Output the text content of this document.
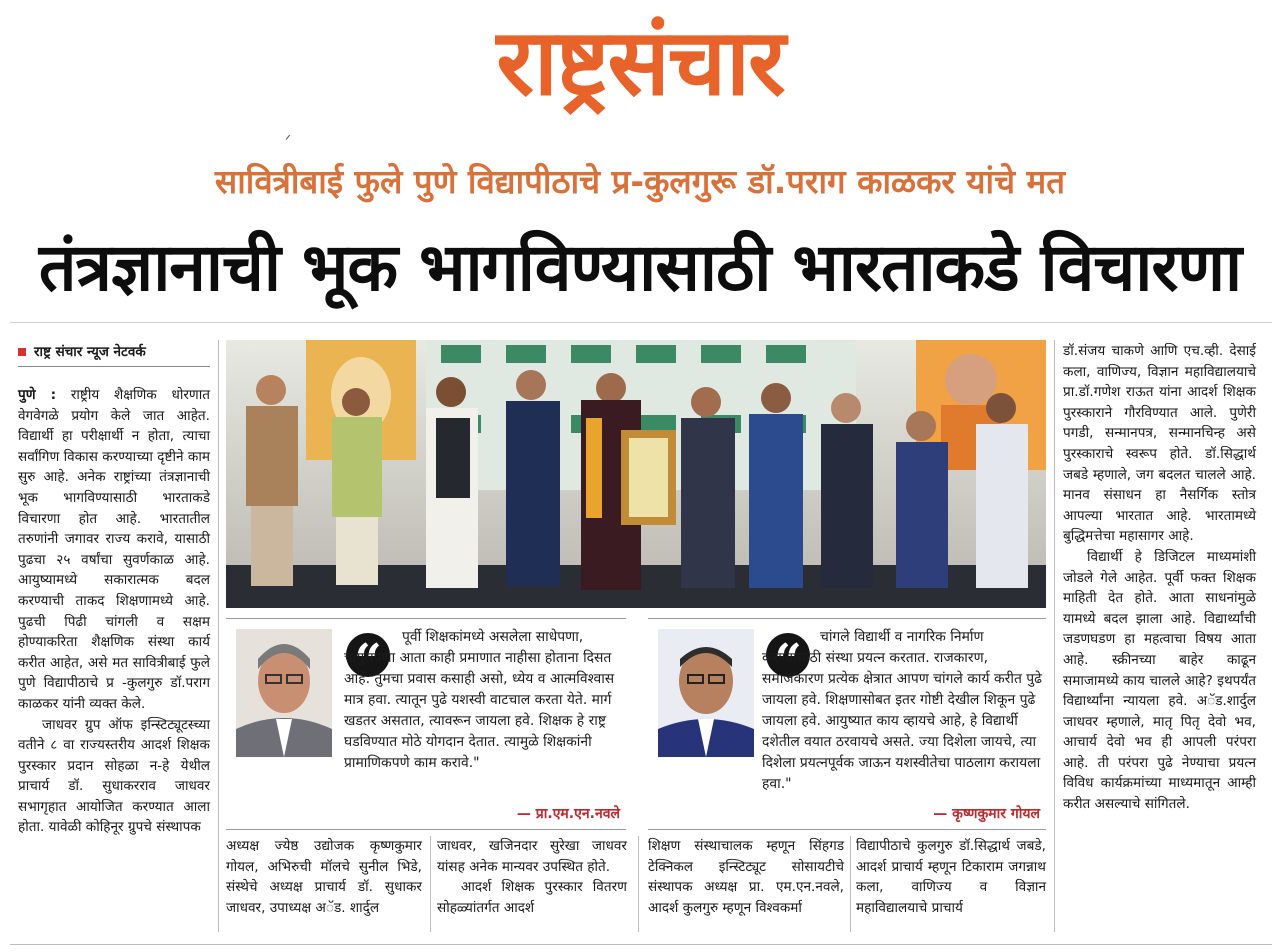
राष्ट्रसंचार
ᐟ
सावित्रीबाई फुले पुणे विद्यापीठाचे प्र-कुलगुरू डॉ.पराग काळकर यांचे मत
तंत्रज्ञानाची भूक भागविण्यासाठी भारताकडे विचारणा
राष्ट्र संचार न्यूज नेटवर्क

पुणे : राष्ट्रीय शैक्षणिक धोरणात वेगवेगळे प्रयोग केले जात आहेत. विद्यार्थी हा परीक्षार्थी न होता, त्याचा सर्वांगिण विकास करण्याच्या दृष्टीने काम सुरु आहे. अनेक राष्ट्रांच्या तंत्रज्ञानाची भूक भागविण्यासाठी भारताकडे विचारणा होत आहे. भारतातील तरुणांनी जगावर राज्य करावे, यासाठी पुढचा २५ वर्षांचा सुवर्णकाळ आहे. आयुष्यामध्ये सकारात्मक बदल करण्याची ताकद शिक्षणामध्ये आहे. पुढची पिढी चांगली व सक्षम होण्याकरिता शैक्षणिक संस्था कार्य करीत आहेत, असे मत सावित्रीबाई फुले पुणे विद्यापीठाचे प्र -कुलगुरु डॉ.पराग काळकर यांनी व्यक्त केले.

जाधवर ग्रुप ऑफ इन्स्टिट्यूटस्च्या वतीने ८ वा राज्यस्तरीय आदर्श शिक्षक पुरस्कार प्रदान सोहळा न-हे येथील प्राचार्य डॉ. सुधाकरराव जाधवर सभागृहात आयोजित करण्यात आला होता. यावेळी कोहिनूर ग्रुपचे संस्थापक

“	पूर्वी शिक्षकांमध्ये असलेला साधेपणा, चांगुलपणा आता काही प्रमाणात नाहीसा होताना दिसत आहे. तुमचा प्रवास कसाही असो, ध्येय व आत्मविश्वास मात्र हवा. त्यातून पुढे यशस्वी वाटचाल करता येते. मार्ग खडतर असतात, त्यावरून जायला हवे. शिक्षक हे राष्ट्र घडविण्यात मोठे योगदान देतात. त्यामुळे शिक्षकांनी प्रामाणिकपणे काम करावे."

— प्रा.एम.एन.नवले
“	चांगले विद्यार्थी व नागरिक निर्माण करण्यासाठी संस्था प्रयत्न करतात. राजकारण, समाजकारण प्रत्येक क्षेत्रात आपण चांगले कार्य करीत पुढे जायला हवे. शिक्षणासोबत इतर गोष्टी देखील शिकून पुढे जायला हवे. आयुष्यात काय व्हायचे आहे, हे विद्यार्थी दशेतील वयात ठरवायचे असते. ज्या दिशेला जायचे, त्या दिशेला प्रयत्नपूर्वक जाऊन यशस्वीतेचा पाठलाग करायला हवा."

— कृष्णकुमार गोयल

अध्यक्ष ज्येष्ठ उद्योजक कृष्णकुमार गोयल, अभिरुची मॉलचे सुनील भिडे, संस्थेचे अध्यक्ष प्राचार्य डॉ. सुधाकर जाधवर, उपाध्यक्ष अॅड. शार्दुल

जाधवर, खजिनदार सुरेखा जाधवर यांसह अनेक मान्यवर उपस्थित होते.

आदर्श शिक्षक पुरस्कार वितरण सोहळ्यांतर्गत आदर्श

शिक्षण संस्थाचालक म्हणून सिंहगड टेक्निकल इन्स्टिट्यूट सोसायटीचे संस्थापक अध्यक्ष प्रा. एम.एन.नवले, आदर्श कुलगुरु म्हणून विश्वकर्मा

विद्यापीठाचे कुलगुरु डॉ.सिद्धार्थ जबडे, आदर्श प्राचार्य म्हणून टिकाराम जगन्नाथ कला, वाणिज्य व विज्ञान महाविद्यालयाचे प्राचार्य

डॉ.संजय चाकणे आणि एच.व्ही. देसाई कला, वाणिज्य, विज्ञान महाविद्यालयाचे प्रा.डॉ.गणेश राऊत यांना आदर्श शिक्षक पुरस्काराने गौरविण्यात आले. पुणेरी पगडी, सन्मानपत्र, सन्मानचिन्ह असे पुरस्काराचे स्वरूप होते. डॉ.सिद्धार्थ जबडे म्हणाले, जग बदलत चालले आहे. मानव संसाधन हा नैसर्गिक स्तोत्र आपल्या भारतात आहे. भारतामध्ये बुद्धिमत्तेचा महासागर आहे.

विद्यार्थी हे डिजिटल माध्यमांशी जोडले गेले आहेत. पूर्वी फक्त शिक्षक माहिती देत होते. आता साधनांमुळे यामध्ये बदल झाला आहे. विद्यार्थ्यांची जडणघडण हा महत्वाचा विषय आता आहे. स्क्रीनच्या बाहेर काढून समाजामध्ये काय चालले आहे? इथपर्यंत विद्यार्थ्यांना न्यायला हवे. अॅड.शार्दुल जाधवर म्हणाले, मातृ पितृ देवो भव, आचार्य देवो भव ही आपली परंपरा आहे. ती परंपरा पुढे नेण्याचा प्रयत्न विविध कार्यक्रमांच्या माध्यमातून आम्ही करीत असल्याचे सांगितले.
